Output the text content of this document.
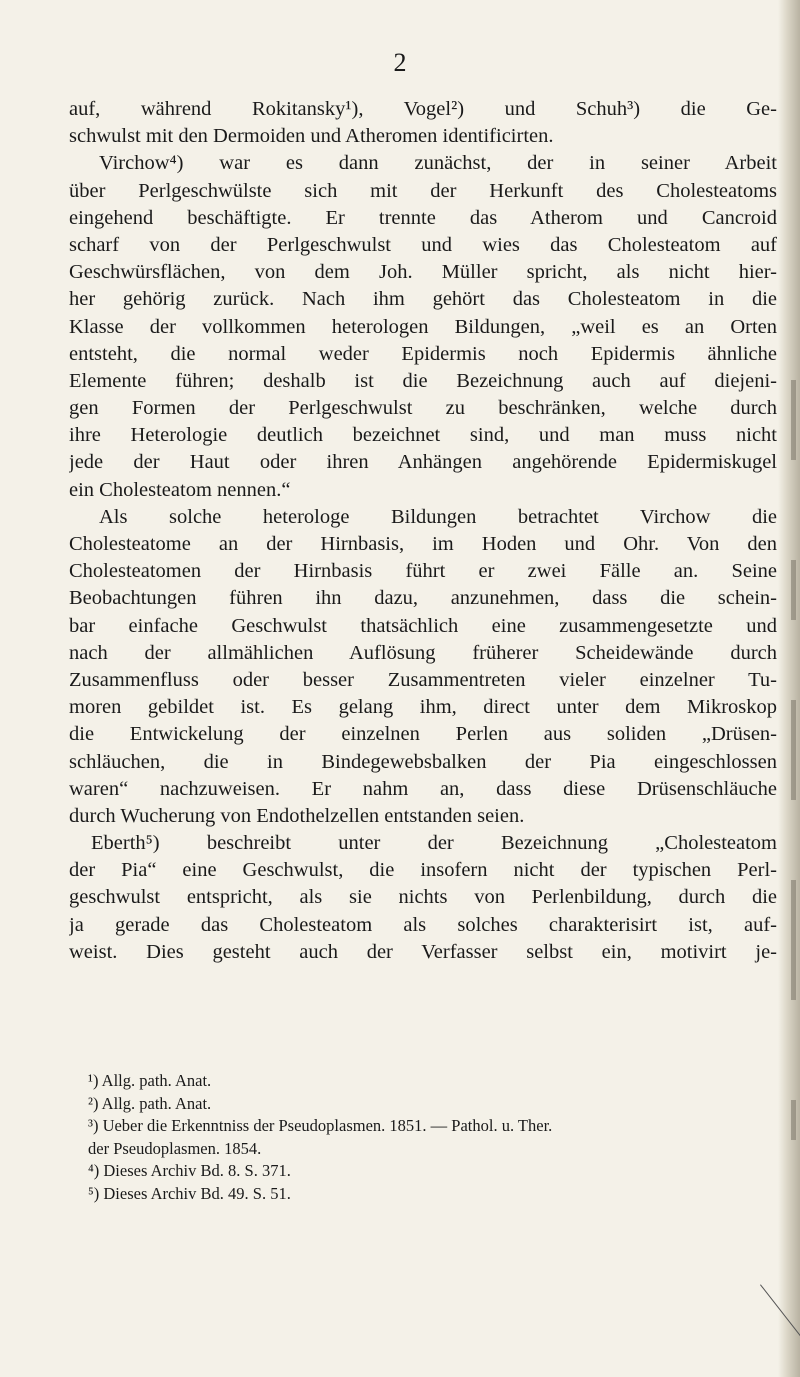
2
auf, während Rokitansky¹), Vogel²) und Schuh³) die Ge-
schwulst mit den Dermoiden und Atheromen identificirten.
Virchow⁴) war es dann zunächst, der in seiner Arbeit
über Perlgeschwülste sich mit der Herkunft des Cholesteatoms
eingehend beschäftigte. Er trennte das Atherom und Cancroid
scharf von der Perlgeschwulst und wies das Cholesteatom auf
Geschwürsflächen, von dem Joh. Müller spricht, als nicht hier-
her gehörig zurück. Nach ihm gehört das Cholesteatom in die
Klasse der vollkommen heterologen Bildungen, „weil es an Orten
entsteht, die normal weder Epidermis noch Epidermis ähnliche
Elemente führen; deshalb ist die Bezeichnung auch auf diejeni-
gen Formen der Perlgeschwulst zu beschränken, welche durch
ihre Heterologie deutlich bezeichnet sind, und man muss nicht
jede der Haut oder ihren Anhängen angehörende Epidermiskugel
ein Cholesteatom nennen.“
Als solche heterologe Bildungen betrachtet Virchow die
Cholesteatome an der Hirnbasis, im Hoden und Ohr. Von den
Cholesteatomen der Hirnbasis führt er zwei Fälle an. Seine
Beobachtungen führen ihn dazu, anzunehmen, dass die schein-
bar einfache Geschwulst thatsächlich eine zusammengesetzte und
nach der allmählichen Auflösung früherer Scheidewände durch
Zusammenfluss oder besser Zusammentreten vieler einzelner Tu-
moren gebildet ist. Es gelang ihm, direct unter dem Mikroskop
die Entwickelung der einzelnen Perlen aus soliden „Drüsen-
schläuchen, die in Bindegewebsbalken der Pia eingeschlossen
waren“ nachzuweisen. Er nahm an, dass diese Drüsenschläuche
durch Wucherung von Endothelzellen entstanden seien.
Eberth⁵) beschreibt unter der Bezeichnung „Cholesteatom
der Pia“ eine Geschwulst, die insofern nicht der typischen Perl-
geschwulst entspricht, als sie nichts von Perlenbildung, durch die
ja gerade das Cholesteatom als solches charakterisirt ist, auf-
weist. Dies gesteht auch der Verfasser selbst ein, motivirt je-
¹) Allg. path. Anat.
²) Allg. path. Anat.
³) Ueber die Erkenntniss der Pseudoplasmen. 1851. — Pathol. u. Ther.
der Pseudoplasmen. 1854.
⁴) Dieses Archiv Bd. 8. S. 371.
⁵) Dieses Archiv Bd. 49. S. 51.
